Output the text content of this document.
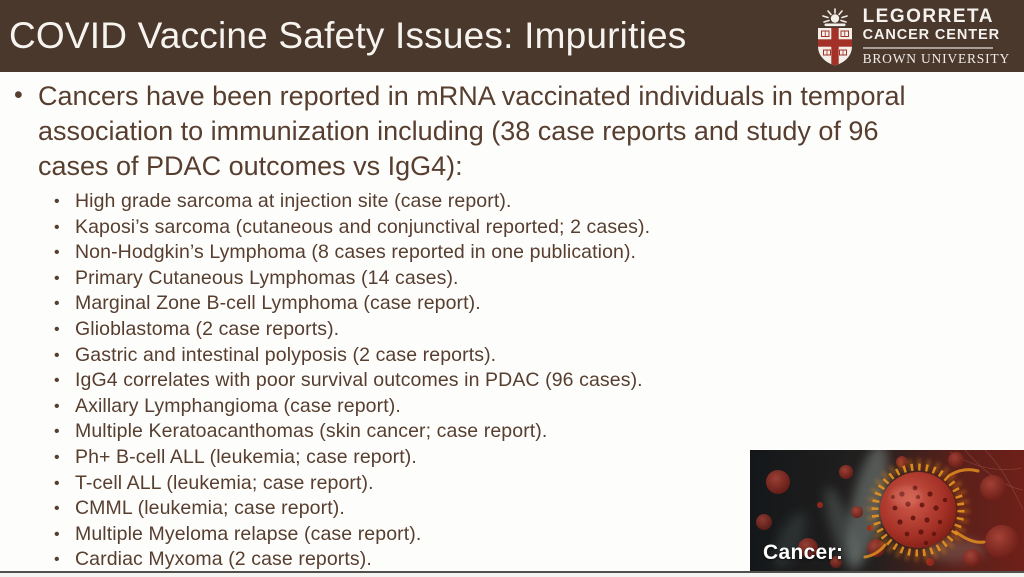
COVID Vaccine Safety Issues: Impurities	LEGORRETA
CANCER CENTER
BROWN UNIVERSITY
• Cancers have been reported in mRNA vaccinated individuals in temporal association to immunization including (38 case reports and study of 96 cases of PDAC outcomes vs IgG4):
• High grade sarcoma at injection site (case report).
• Kaposi’s sarcoma (cutaneous and conjunctival reported; 2 cases).
• Non-Hodgkin’s Lymphoma (8 cases reported in one publication).
• Primary Cutaneous Lymphomas (14 cases).
• Marginal Zone B-cell Lymphoma (case report).
• Glioblastoma (2 case reports).
• Gastric and intestinal polyposis (2 case reports).
• IgG4 correlates with poor survival outcomes in PDAC (96 cases).
• Axillary Lymphangioma (case report).
• Multiple Keratoacanthomas (skin cancer; case report).
• Ph+ B-cell ALL (leukemia; case report).
• T-cell ALL (leukemia; case report).
• CMML (leukemia; case report).
• Multiple Myeloma relapse (case report).
• Cardiac Myxoma (2 case reports).	Cancer:
